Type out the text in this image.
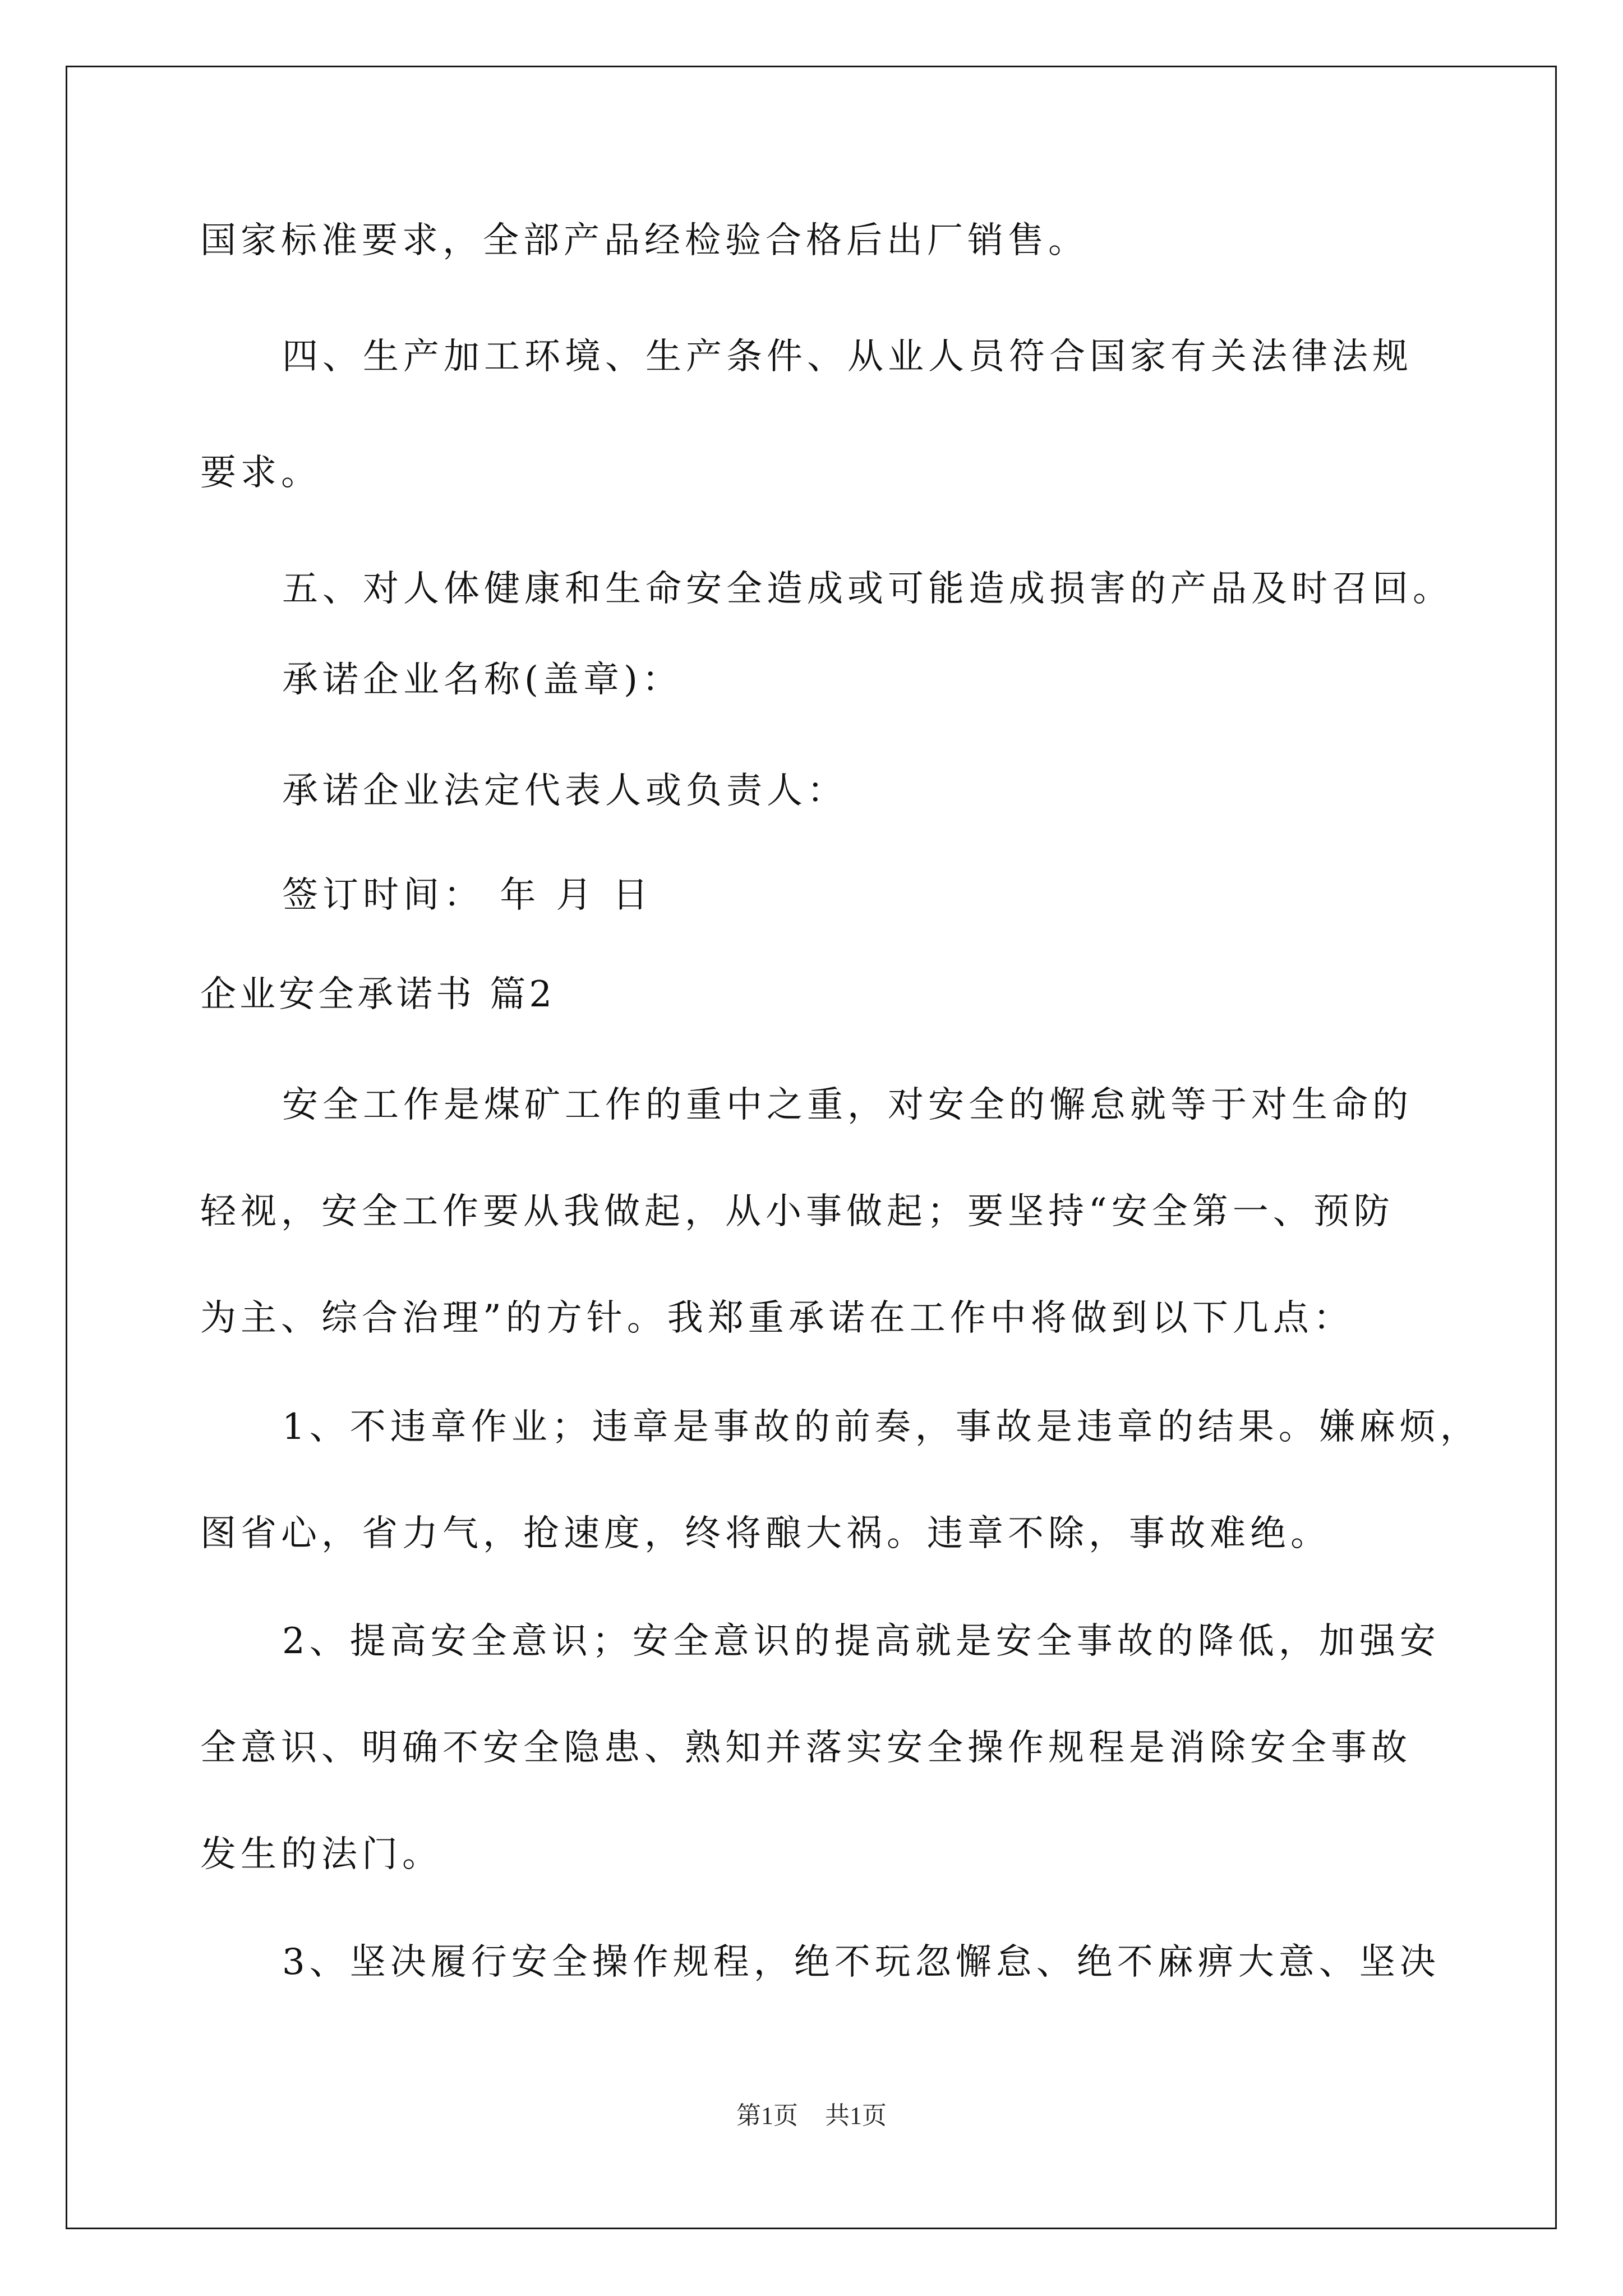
国家标准要求，全部产品经检验合格后出厂销售。
四、生产加工环境、生产条件、从业人员符合国家有关法律法规
要求。
五、对人体健康和生命安全造成或可能造成损害的产品及时召回。
承诺企业名称(盖章)：
承诺企业法定代表人或负责人：
签订时间： 年 月 日
企业安全承诺书 篇2
安全工作是煤矿工作的重中之重，对安全的懈怠就等于对生命的
轻视，安全工作要从我做起，从小事做起；要坚持“安全第一、预防
为主、综合治理”的方针。我郑重承诺在工作中将做到以下几点：
1、不违章作业；违章是事故的前奏，事故是违章的结果。嫌麻烦，
图省心，省力气，抢速度，终将酿大祸。违章不除，事故难绝。
2、提高安全意识；安全意识的提高就是安全事故的降低，加强安
全意识、明确不安全隐患、熟知并落实安全操作规程是消除安全事故
发生的法门。
3、坚决履行安全操作规程，绝不玩忽懈怠、绝不麻痹大意、坚决
第1页 共1页
